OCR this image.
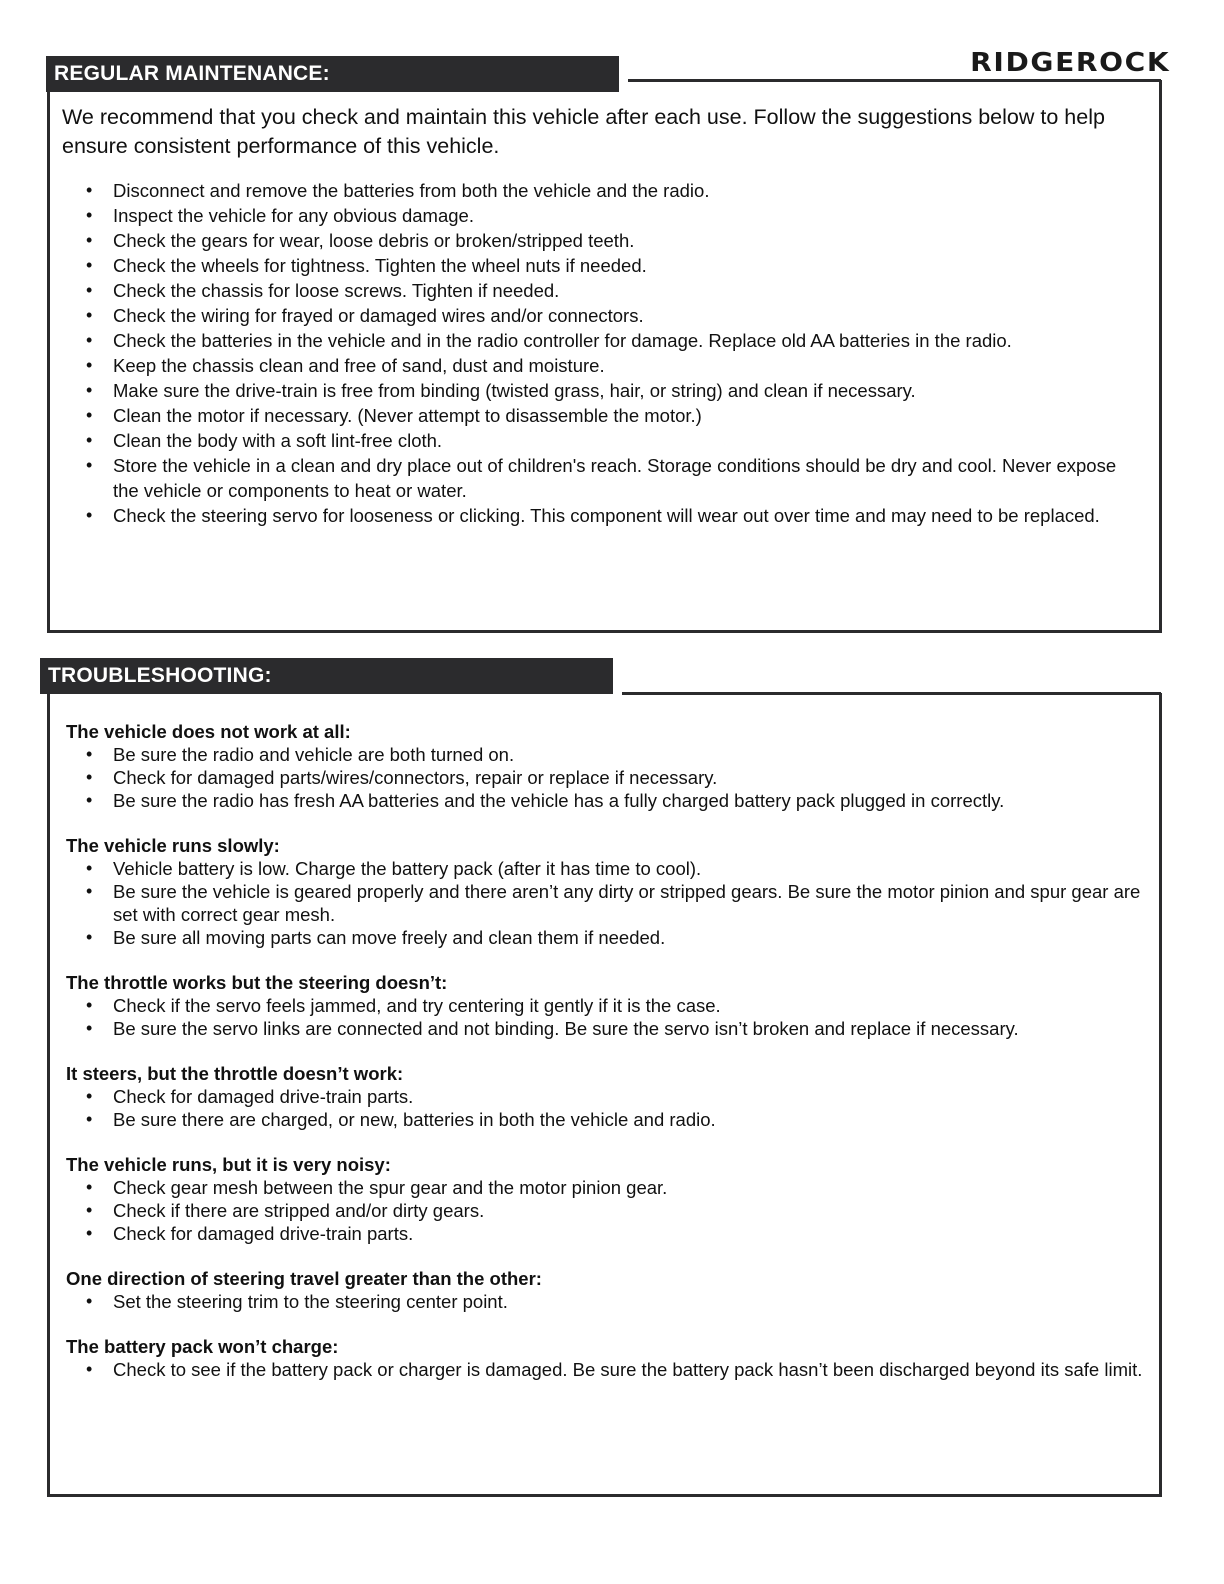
REGULAR MAINTENANCE:	RIDGEROCK

We recommend that you check and maintain this vehicle after each use. Follow the suggestions below to help ensure consistent performance of this vehicle.

• Disconnect and remove the batteries from both the vehicle and the radio.
• Inspect the vehicle for any obvious damage.
• Check the gears for wear, loose debris or broken/stripped teeth.
• Check the wheels for tightness. Tighten the wheel nuts if needed.
• Check the chassis for loose screws. Tighten if needed.
• Check the wiring for frayed or damaged wires and/or connectors.
• Check the batteries in the vehicle and in the radio controller for damage. Replace old AA batteries in the radio.
• Keep the chassis clean and free of sand, dust and moisture.
• Make sure the drive-train is free from binding (twisted grass, hair, or string) and clean if necessary.
• Clean the motor if necessary. (Never attempt to disassemble the motor.)
• Clean the body with a soft lint-free cloth.
• Store the vehicle in a clean and dry place out of children's reach. Storage conditions should be dry and cool. Never expose the vehicle or components to heat or water.
• Check the steering servo for looseness or clicking. This component will wear out over time and may need to be replaced.
TROUBLESHOOTING:
The vehicle does not work at all:
• Be sure the radio and vehicle are both turned on.
• Check for damaged parts/wires/connectors, repair or replace if necessary.
• Be sure the radio has fresh AA batteries and the vehicle has a fully charged battery pack plugged in correctly.
The vehicle runs slowly:
• Vehicle battery is low. Charge the battery pack (after it has time to cool).
• Be sure the vehicle is geared properly and there aren’t any dirty or stripped gears. Be sure the motor pinion and spur gear are set with correct gear mesh.
• Be sure all moving parts can move freely and clean them if needed.
The throttle works but the steering doesn’t:
• Check if the servo feels jammed, and try centering it gently if it is the case.
• Be sure the servo links are connected and not binding. Be sure the servo isn’t broken and replace if necessary.
It steers, but the throttle doesn’t work:
• Check for damaged drive-train parts.
• Be sure there are charged, or new, batteries in both the vehicle and radio.
The vehicle runs, but it is very noisy:
• Check gear mesh between the spur gear and the motor pinion gear.
• Check if there are stripped and/or dirty gears.
• Check for damaged drive-train parts.
One direction of steering travel greater than the other:
• Set the steering trim to the steering center point.
The battery pack won’t charge:
• Check to see if the battery pack or charger is damaged. Be sure the battery pack hasn’t been discharged beyond its safe limit.
